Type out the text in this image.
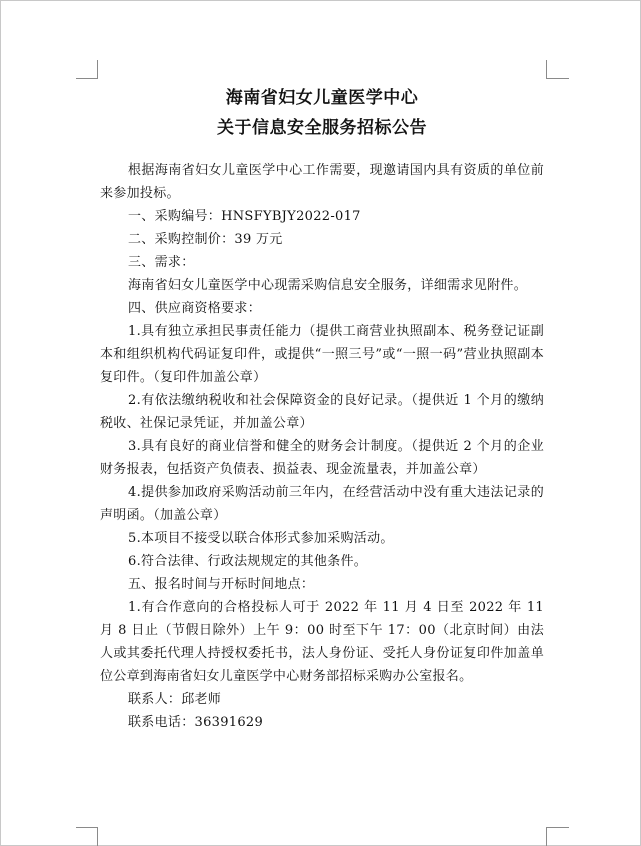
海南省妇女儿童医学中心
关于信息安全服务招标公告

根据海南省妇女儿童医学中心工作需要，现邀请国内具有资质的单位前来参加投标。

一、采购编号：HNSFYBJY2022-017

二、采购控制价：39 万元

三、需求：

海南省妇女儿童医学中心现需采购信息安全服务，详细需求见附件。

四、供应商资格要求：

1.具有独立承担民事责任能力（提供工商营业执照副本、税务登记证副本和组织机构代码证复印件，或提供“一照三号”或“一照一码”营业执照副本复印件。（复印件加盖公章）

2.有依法缴纳税收和社会保障资金的良好记录。（提供近 1 个月的缴纳税收、社保记录凭证，并加盖公章）

3.具有良好的商业信誉和健全的财务会计制度。（提供近 2 个月的企业财务报表，包括资产负债表、损益表、现金流量表，并加盖公章）

4.提供参加政府采购活动前三年内，在经营活动中没有重大违法记录的声明函。（加盖公章）

5.本项目不接受以联合体形式参加采购活动。

6.符合法律、行政法规规定的其他条件。

五、报名时间与开标时间地点：

1.有合作意向的合格投标人可于 2022 年 11 月 4 日至 2022 年 11 月 8 日止（节假日除外）上午 9：00 时至下午 17：00（北京时间）由法人或其委托代理人持授权委托书，法人身份证、受托人身份证复印件加盖单位公章到海南省妇女儿童医学中心财务部招标采购办公室报名。

联系人：邱老师

联系电话：36391629
